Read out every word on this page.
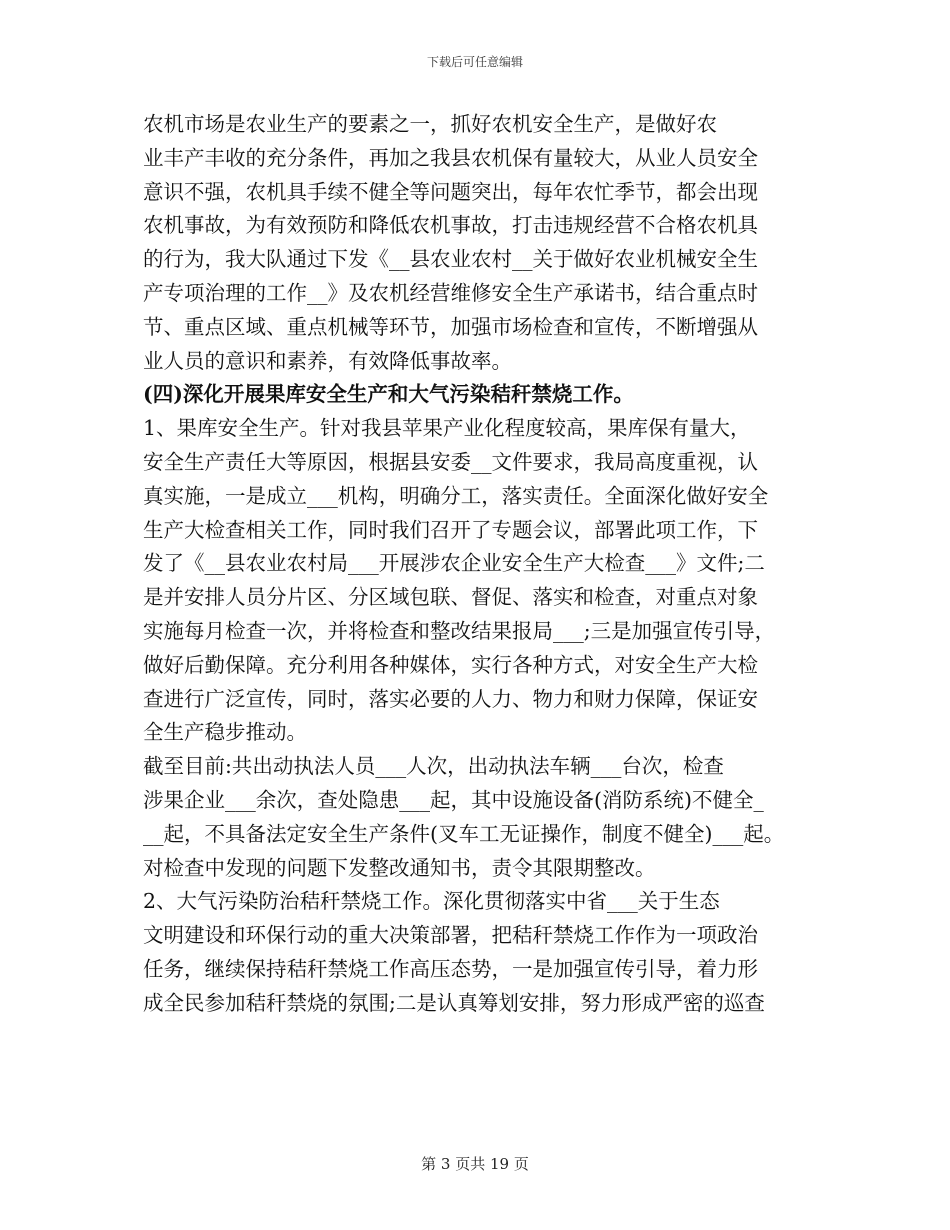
下载后可任意编辑
农机市场是农业生产的要素之一，抓好农机安全生产，是做好农
业丰产丰收的充分条件，再加之我县农机保有量较大，从业人员安全
意识不强，农机具手续不健全等问题突出，每年农忙季节，都会出现
农机事故，为有效预防和降低农机事故，打击违规经营不合格农机具
的行为，我大队通过下发《__县农业农村__关于做好农业机械安全生
产专项治理的工作__》及农机经营维修安全生产承诺书，结合重点时
节、重点区域、重点机械等环节，加强市场检查和宣传，不断增强从
业人员的意识和素养，有效降低事故率。
(四)深化开展果库安全生产和大气污染秸秆禁烧工作。
1、果库安全生产。针对我县苹果产业化程度较高，果库保有量大，
安全生产责任大等原因，根据县安委__文件要求，我局高度重视，认
真实施，一是成立___机构，明确分工，落实责任。全面深化做好安全
生产大检查相关工作，同时我们召开了专题会议，部署此项工作，下
发了《__县农业农村局___开展涉农企业安全生产大检查___》文件;二
是并安排人员分片区、分区域包联、督促、落实和检查，对重点对象
实施每月检查一次，并将检查和整改结果报局___;三是加强宣传引导，
做好后勤保障。充分利用各种媒体，实行各种方式，对安全生产大检
查进行广泛宣传，同时，落实必要的人力、物力和财力保障，保证安
全生产稳步推动。
截至目前:共出动执法人员___人次，出动执法车辆___台次，检查
涉果企业___余次，查处隐患___起，其中设施设备(消防系统)不健全_
__起，不具备法定安全生产条件(叉车工无证操作，制度不健全)___起。
对检查中发现的问题下发整改通知书，责令其限期整改。
2、大气污染防治秸秆禁烧工作。深化贯彻落实中省___关于生态
文明建设和环保行动的重大决策部署，把秸秆禁烧工作作为一项政治
任务，继续保持秸秆禁烧工作高压态势，一是加强宣传引导，着力形
成全民参加秸秆禁烧的氛围;二是认真筹划安排，努力形成严密的巡查
第 3 页共 19 页
